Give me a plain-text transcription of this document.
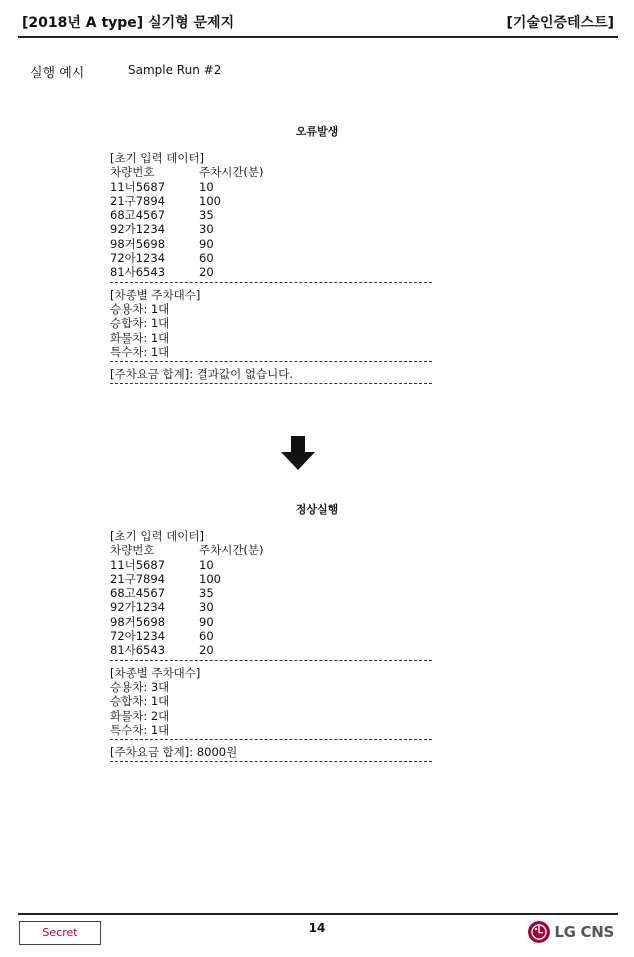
[2018년 A type] 실기형 문제지	[기술인증테스트]
실행 예시	Sample Run #2
오류발생
[초기 입력 데이터]
차량번호	주차시간(분)
11너5687	10
21구7894	100
68고4567	35
92가1234	30
98거5698	90
72아1234	60
81사6543	20
[차종별 주차대수]
승용차: 1대
승합차: 1대
화물차: 1대
특수차: 1대
[주차요금 합계]: 결과값이 없습니다.
정상실행
[초기 입력 데이터]
차량번호	주차시간(분)
11너5687	10
21구7894	100
68고4567	35
92가1234	30
98거5698	90
72아1234	60
81사6543	20
[차종별 주차대수]
승용차: 3대
승합차: 1대
화물차: 2대
특수차: 1대
[주차요금 합계]: 8000원
Secret	14	LG CNS
